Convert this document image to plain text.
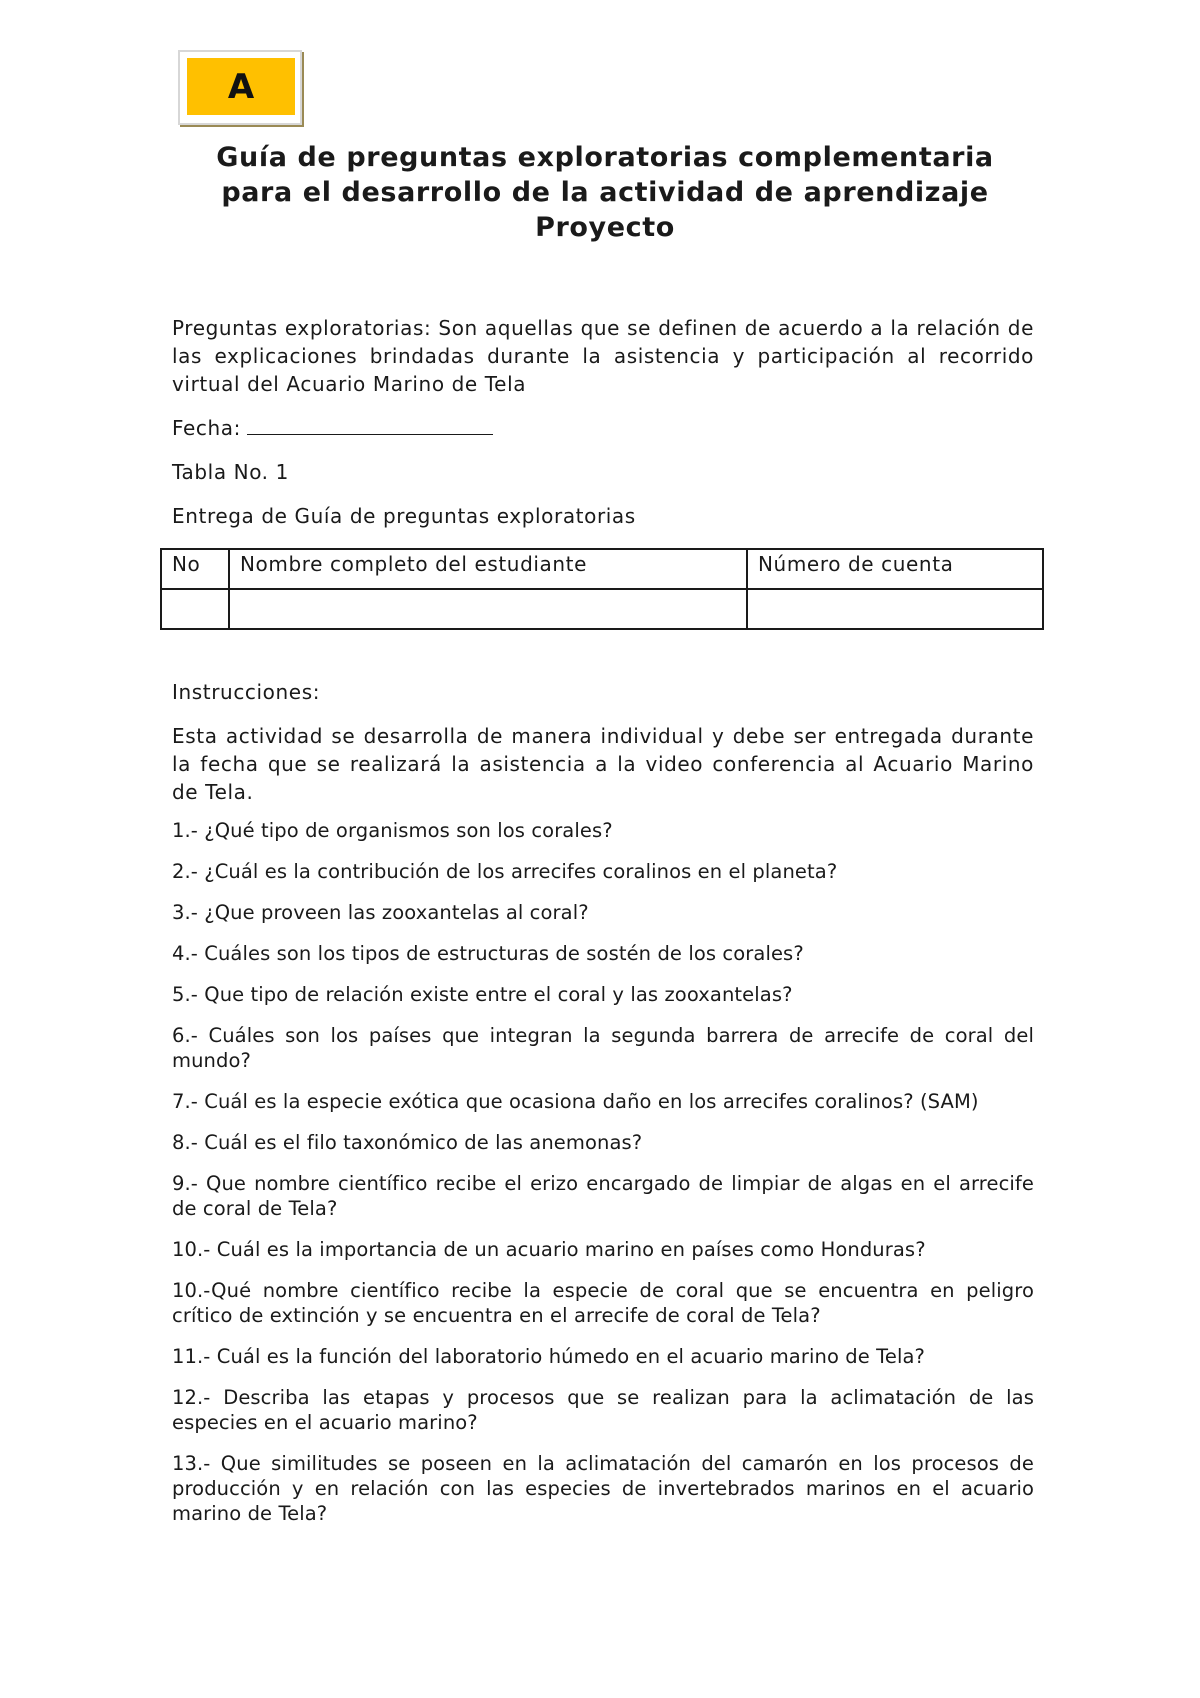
A
Guía de preguntas exploratorias complementaria
para el desarrollo de la actividad de aprendizaje
Proyecto

Preguntas exploratorias: Son aquellas que se definen de acuerdo a la relación de las explicaciones brindadas durante la asistencia y participación al recorrido virtual del Acuario Marino de Tela

Fecha:

Tabla No. 1

Entrega de Guía de preguntas exploratorias

No	Nombre completo del estudiante	Número de cuenta

Instrucciones:

Esta actividad se desarrolla de manera individual y debe ser entregada durante la fecha que se realizará la asistencia a la video conferencia al Acuario Marino de Tela.

1.- ¿Qué tipo de organismos son los corales?

2.- ¿Cuál es la contribución de los arrecifes coralinos en el planeta?

3.- ¿Que proveen las zooxantelas al coral?

4.- Cuáles son los tipos de estructuras de sostén de los corales?

5.- Que tipo de relación existe entre el coral y las zooxantelas?

6.- Cuáles son los países que integran la segunda barrera de arrecife de coral del mundo?

7.- Cuál es la especie exótica que ocasiona daño en los arrecifes coralinos? (SAM)

8.- Cuál es el filo taxonómico de las anemonas?

9.- Que nombre científico recibe el erizo encargado de limpiar de algas en el arrecife de coral de Tela?

10.- Cuál es la importancia de un acuario marino en países como Honduras?

10.-Qué nombre científico recibe la especie de coral que se encuentra en peligro crítico de extinción y se encuentra en el arrecife de coral de Tela?

11.- Cuál es la función del laboratorio húmedo en el acuario marino de Tela?

12.- Describa las etapas y procesos que se realizan para la aclimatación de las especies en el acuario marino?

13.- Que similitudes se poseen en la aclimatación del camarón en los procesos de producción y en relación con las especies de invertebrados marinos en el acuario marino de Tela?
